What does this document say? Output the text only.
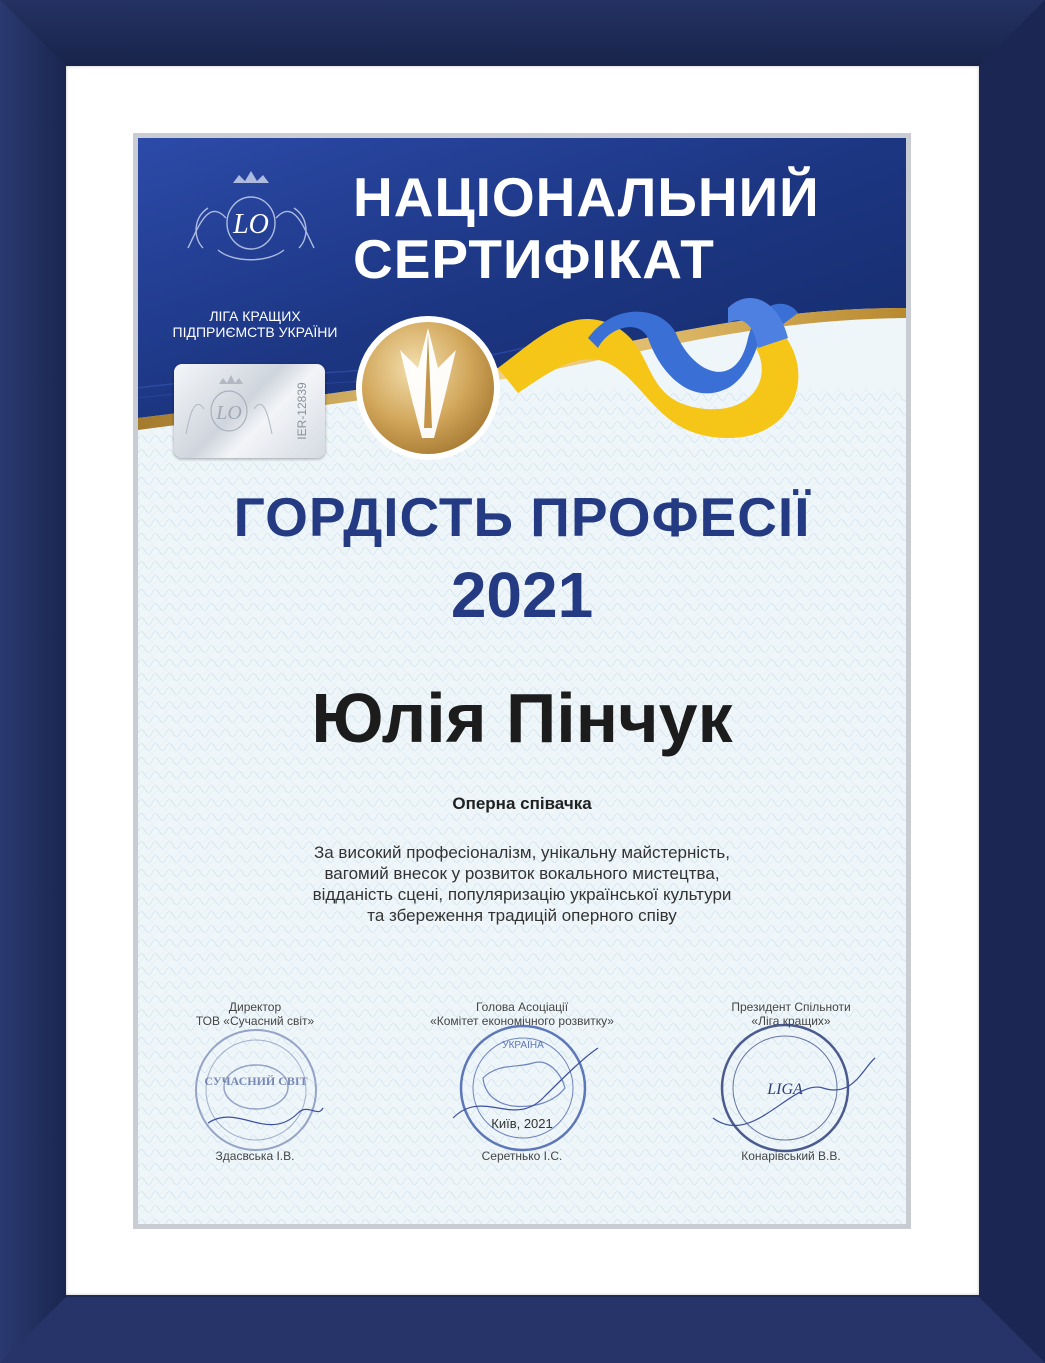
LO НАЦІОНАЛЬНИЙ
СЕРТИФІКАТ
ЛІГА КРАЩИХ
ПІДПРИЄМСТВ УКРАЇНИ
LO	IER-12839
ГОРДІСТЬ ПРОФЕСІЇ
2021
Юлія Пінчук
Оперна співачка
За високий професіоналізм, унікальну майстерність,
вагомий внесок у розвиток вокального мистецтва,
відданість сцені, популяризацію української культури
та збереження традицій оперного співу
Директор
ТОВ «Сучасний світ»
Голова Асоціації
«Комітет економічного розвитку»
Президент Спільноти
«Ліга кращих»
СУЧАСНИЙ СВІТ
УКРАЇНА
LIGA
Здасвська І.В.	Серетнько І.С.	Конарівський В.В.
Київ, 2021
